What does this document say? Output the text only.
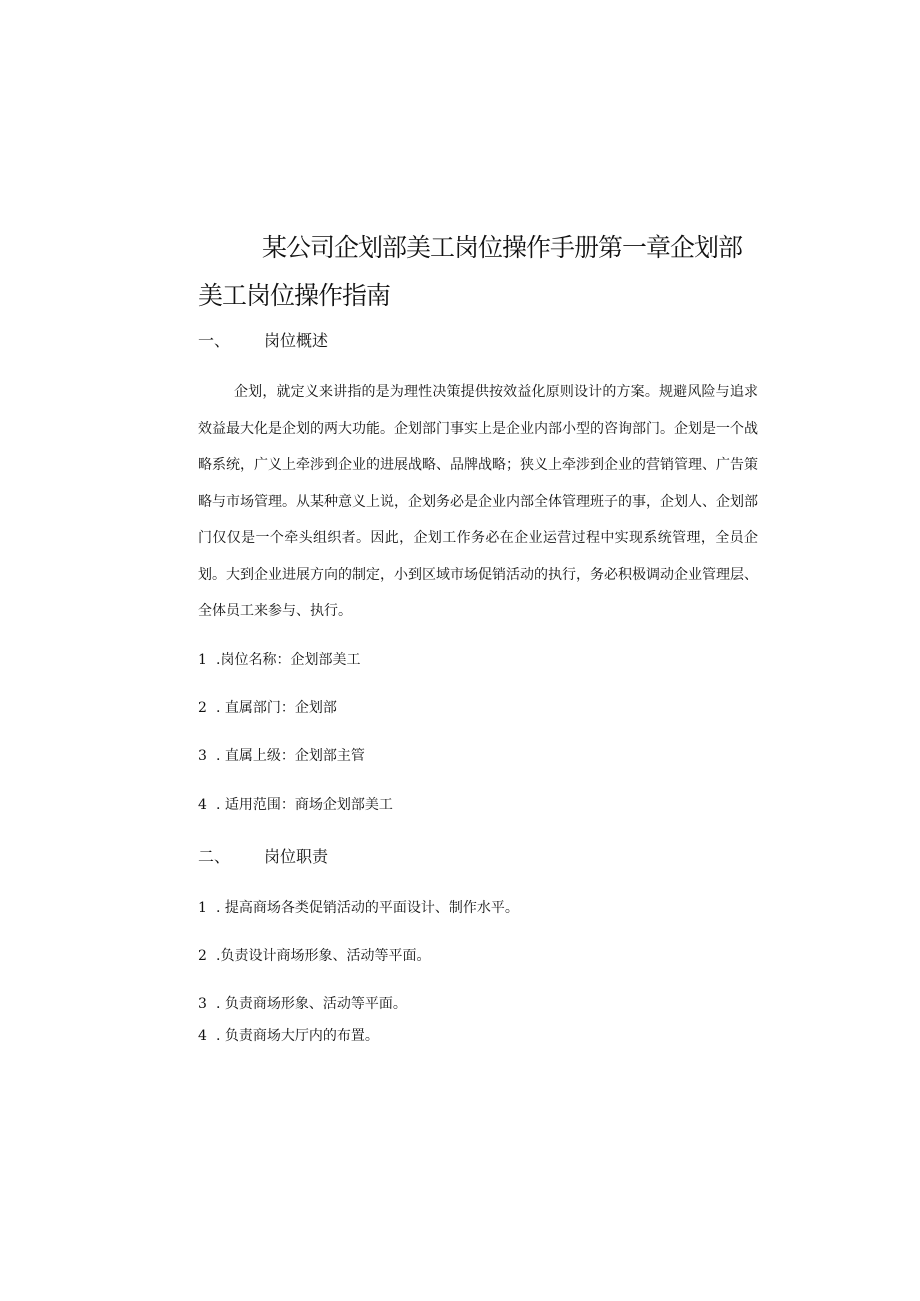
某公司企划部美工岗位操作手册第一章企划部
美工岗位操作指南
一、 岗位概述

企划，就定义来讲指的是为理性决策提供按效益化原则设计的方案。规避风险与追求效益最大化是企划的两大功能。企划部门事实上是企业内部小型的咨询部门。企划是一个战略系统，广义上牵涉到企业的进展战略、品牌战略；狭义上牵涉到企业的营销管理、广告策略与市场管理。从某种意义上说，企划务必是企业内部全体管理班子的事，企划人、企划部门仅仅是一个牵头组织者。因此，企划工作务必在企业运营过程中实现系统管理，全员企划。大到企业进展方向的制定，小到区域市场促销活动的执行，务必积极调动企业管理层、全体员工来参与、执行。

1 .岗位名称：企划部美工
2 . 直属部门：企划部
3 . 直属上级：企划部主管
4 . 适用范围：商场企划部美工
二、 岗位职责
1 . 提高商场各类促销活动的平面设计、制作水平。
2 .负责设计商场形象、活动等平面。
3 . 负责商场形象、活动等平面。
4 . 负责商场大厅内的布置。
